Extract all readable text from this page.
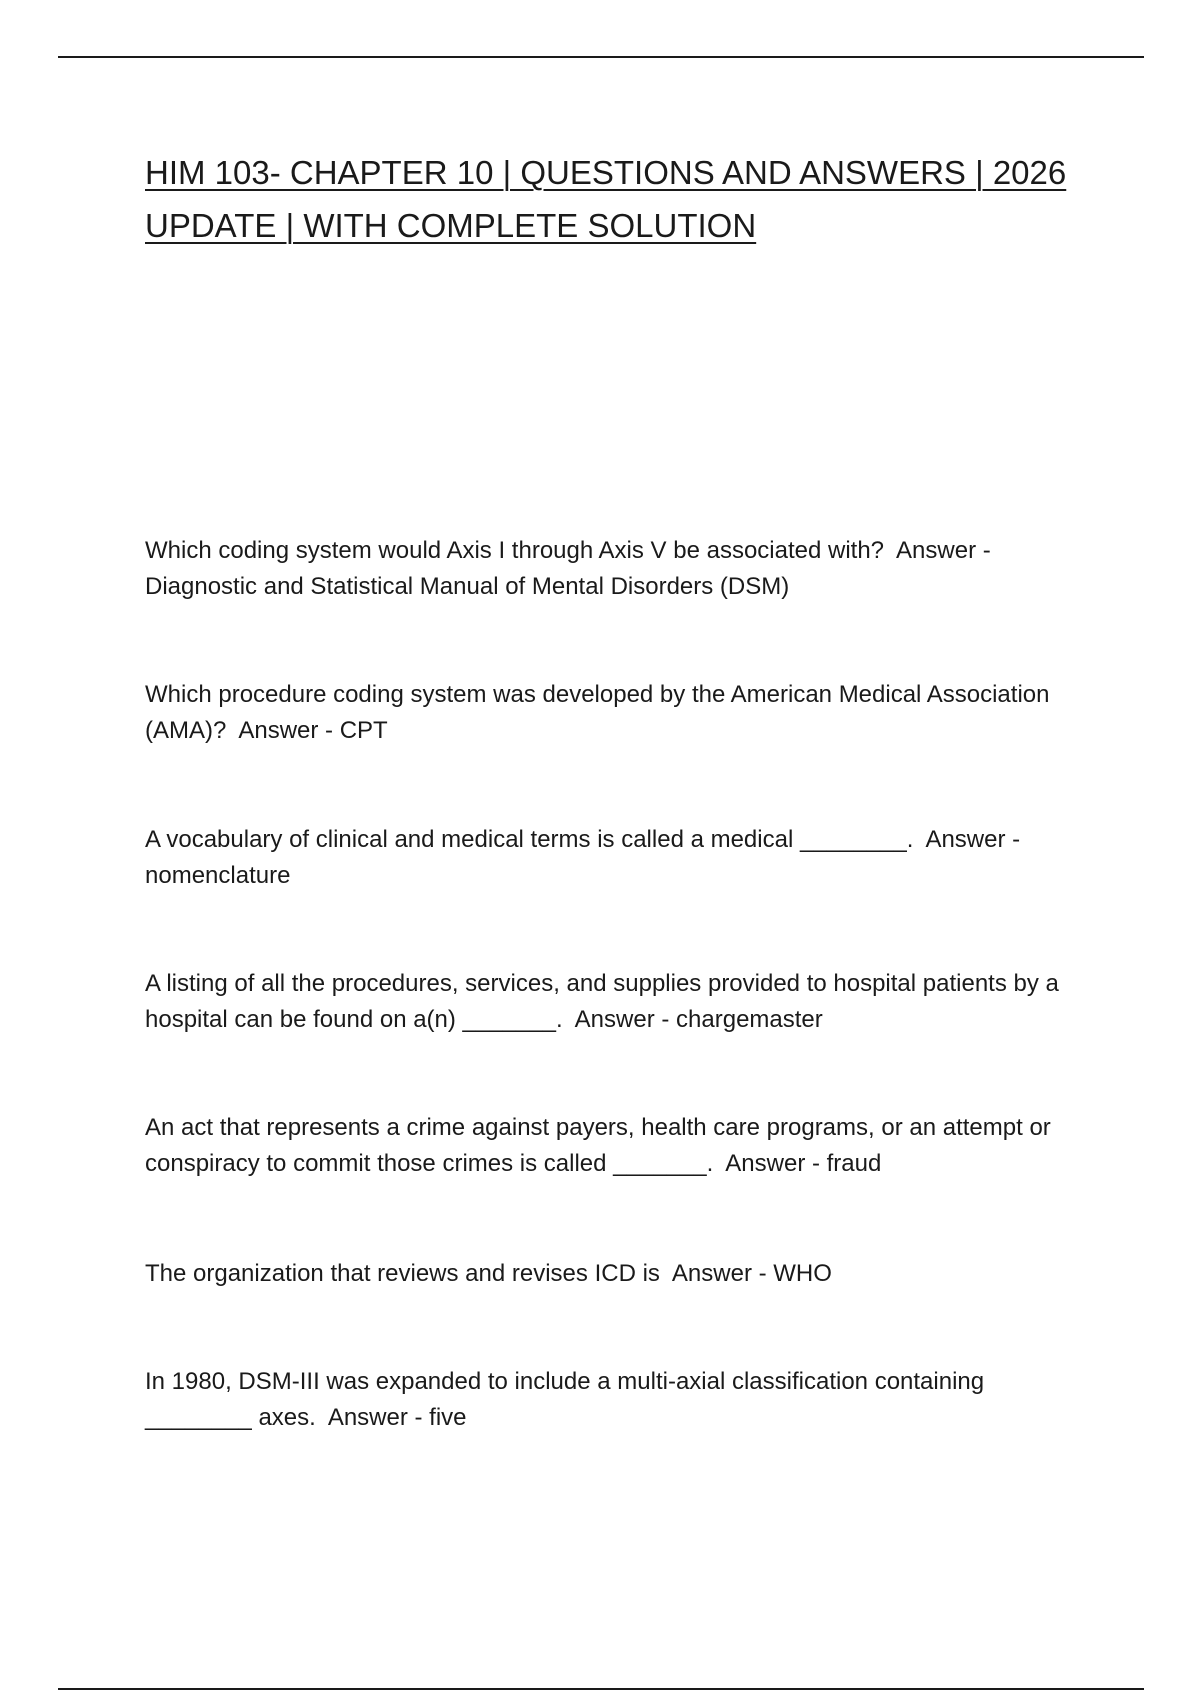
HIM 103- CHAPTER 10 | QUESTIONS AND ANSWERS | 2026 UPDATE | WITH COMPLETE SOLUTION

Which coding system would Axis I through Axis V be associated with? Answer - Diagnostic and Statistical Manual of Mental Disorders (DSM)

Which procedure coding system was developed by the American Medical Association (AMA)? Answer - CPT

A vocabulary of clinical and medical terms is called a medical ________. Answer - nomenclature

A listing of all the procedures, services, and supplies provided to hospital patients by a hospital can be found on a(n) _______. Answer - chargemaster

An act that represents a crime against payers, health care programs, or an attempt or conspiracy to commit those crimes is called _______. Answer - fraud

The organization that reviews and revises ICD is Answer - WHO

In 1980, DSM-III was expanded to include a multi-axial classification containing ________ axes. Answer - five
